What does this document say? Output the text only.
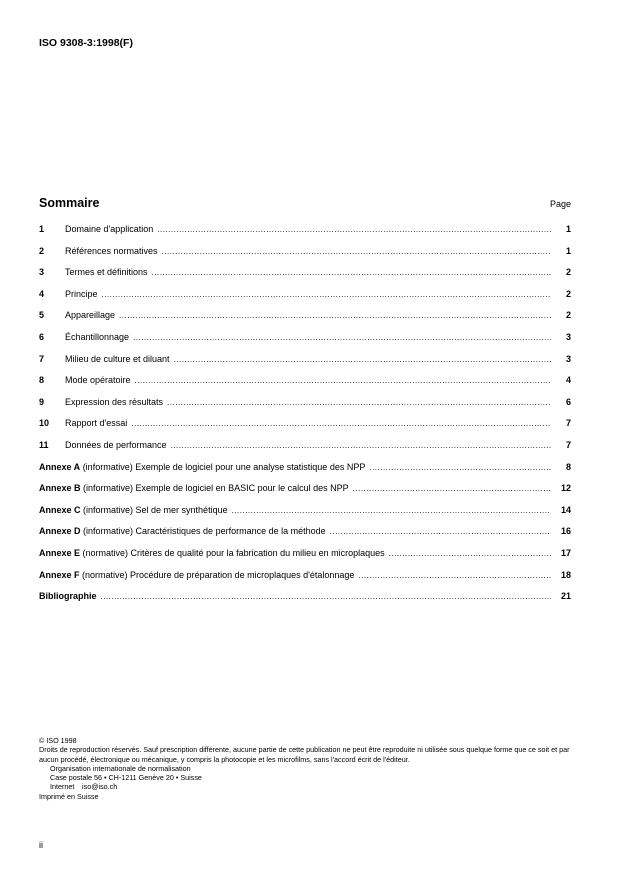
ISO 9308-3:1998(F)
Sommaire	Page
1	Domaine d'application .....	1
2	Références normatives .....	1
3	Termes et définitions .....	2
4	Principe .....	2
5	Appareillage .....	2
6	Échantillonnage .....	3
7	Milieu de culture et diluant .....	3
8	Mode opératoire .....	4
9	Expression des résultats .....	6
10	Rapport d'essai .....	7
11	Données de performance .....	7
Annexe A (informative) Exemple de logiciel pour une analyse statistique des NPP .....	8
Annexe B (informative) Exemple de logiciel en BASIC pour le calcul des NPP .....	12
Annexe C (informative) Sel de mer synthétique .....	14
Annexe D (informative) Caractéristiques de performance de la méthode .....	16
Annexe E (normative) Critères de qualité pour la fabrication du milieu en microplaques .....	17
Annexe F (normative) Procédure de préparation de microplaques d'étalonnage .....	18
Bibliographie .....	21

© ISO 1998

Droits de reproduction réservés. Sauf prescription différente, aucune partie de cette publication ne peut être reproduite ni utilisée sous quelque forme que ce soit et par aucun procédé, électronique ou mécanique, y compris la photocopie et les microfilms, sans l'accord écrit de l'éditeur.

Organisation internationale de normalisation

Case postale 56 • CH-1211 Genève 20 • Suisse

Internet iso@iso.ch

Imprimé en Suisse

ii
